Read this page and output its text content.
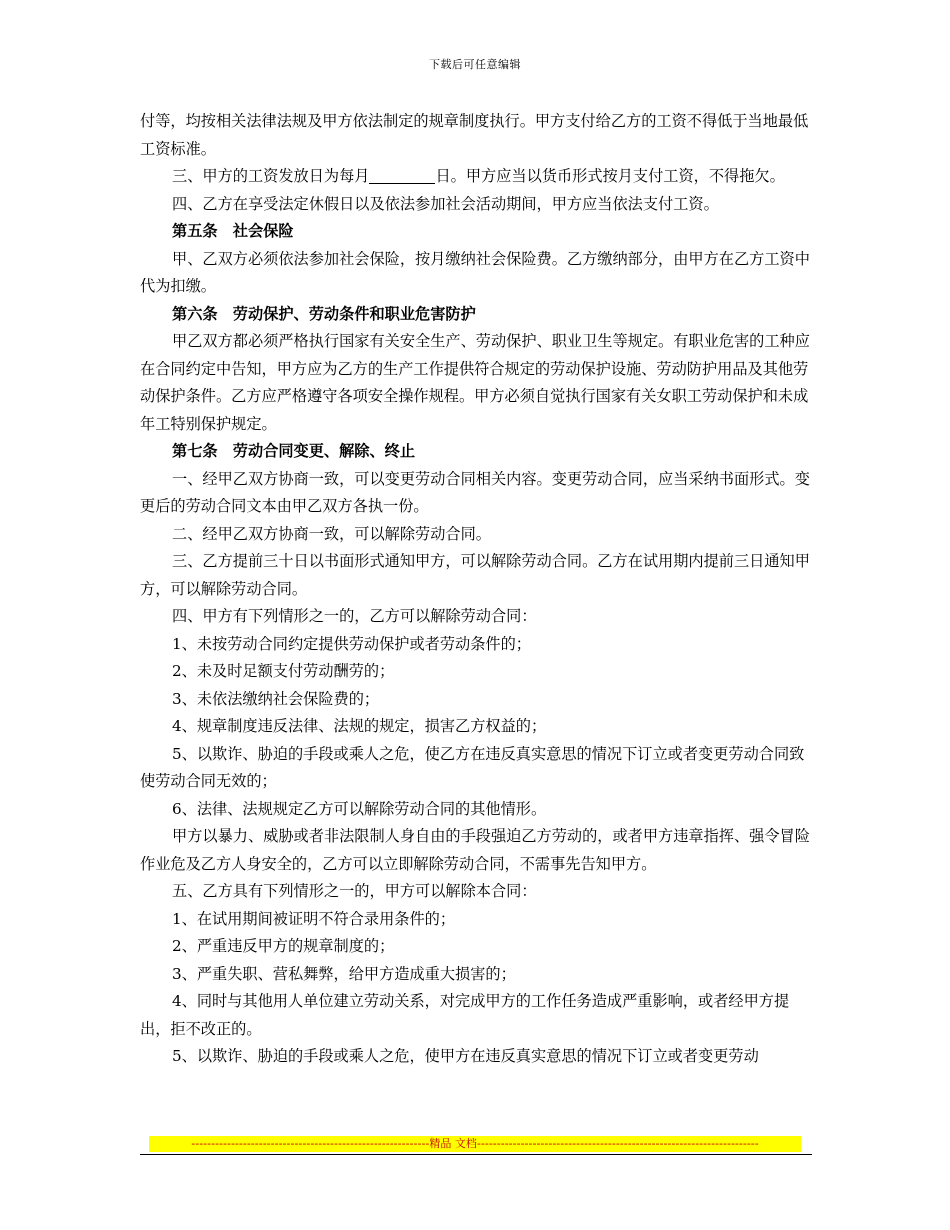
下载后可任意编辑

付等，均按相关法律法规及甲方依法制定的规章制度执行。甲方支付给乙方的工资不得低于当地最低工资标准。

三、甲方的工资发放日为每月	日。甲方应当以货币形式按月支付工资，不得拖欠。

四、乙方在享受法定休假日以及依法参加社会活动期间，甲方应当依法支付工资。

第五条　社会保险

甲、乙双方必须依法参加社会保险，按月缴纳社会保险费。乙方缴纳部分，由甲方在乙方工资中代为扣缴。

第六条　劳动保护、劳动条件和职业危害防护

甲乙双方都必须严格执行国家有关安全生产、劳动保护、职业卫生等规定。有职业危害的工种应在合同约定中告知，甲方应为乙方的生产工作提供符合规定的劳动保护设施、劳动防护用品及其他劳动保护条件。乙方应严格遵守各项安全操作规程。甲方必须自觉执行国家有关女职工劳动保护和未成年工特别保护规定。

第七条　劳动合同变更、解除、终止

一、经甲乙双方协商一致，可以变更劳动合同相关内容。变更劳动合同，应当采纳书面形式。变更后的劳动合同文本由甲乙双方各执一份。

二、经甲乙双方协商一致，可以解除劳动合同。

三、乙方提前三十日以书面形式通知甲方，可以解除劳动合同。乙方在试用期内提前三日通知甲方，可以解除劳动合同。

四、甲方有下列情形之一的，乙方可以解除劳动合同：

1、未按劳动合同约定提供劳动保护或者劳动条件的；

2、未及时足额支付劳动酬劳的；

3、未依法缴纳社会保险费的；

4、规章制度违反法律、法规的规定，损害乙方权益的；

5、以欺诈、胁迫的手段或乘人之危，使乙方在违反真实意思的情况下订立或者变更劳动合同致使劳动合同无效的；

6、法律、法规规定乙方可以解除劳动合同的其他情形。

甲方以暴力、威胁或者非法限制人身自由的手段强迫乙方劳动的，或者甲方违章指挥、强令冒险作业危及乙方人身安全的，乙方可以立即解除劳动合同，不需事先告知甲方。

五、乙方具有下列情形之一的，甲方可以解除本合同：

1、在试用期间被证明不符合录用条件的；

2、严重违反甲方的规章制度的；

3、严重失职、营私舞弊，给甲方造成重大损害的；

4、同时与其他用人单位建立劳动关系，对完成甲方的工作任务造成严重影响，或者经甲方提出，拒不改正的。

5、以欺诈、胁迫的手段或乘人之危，使甲方在违反真实意思的情况下订立或者变更劳动

------------------------------------------------------------精品 文档-----------------------------------------------------------------------
